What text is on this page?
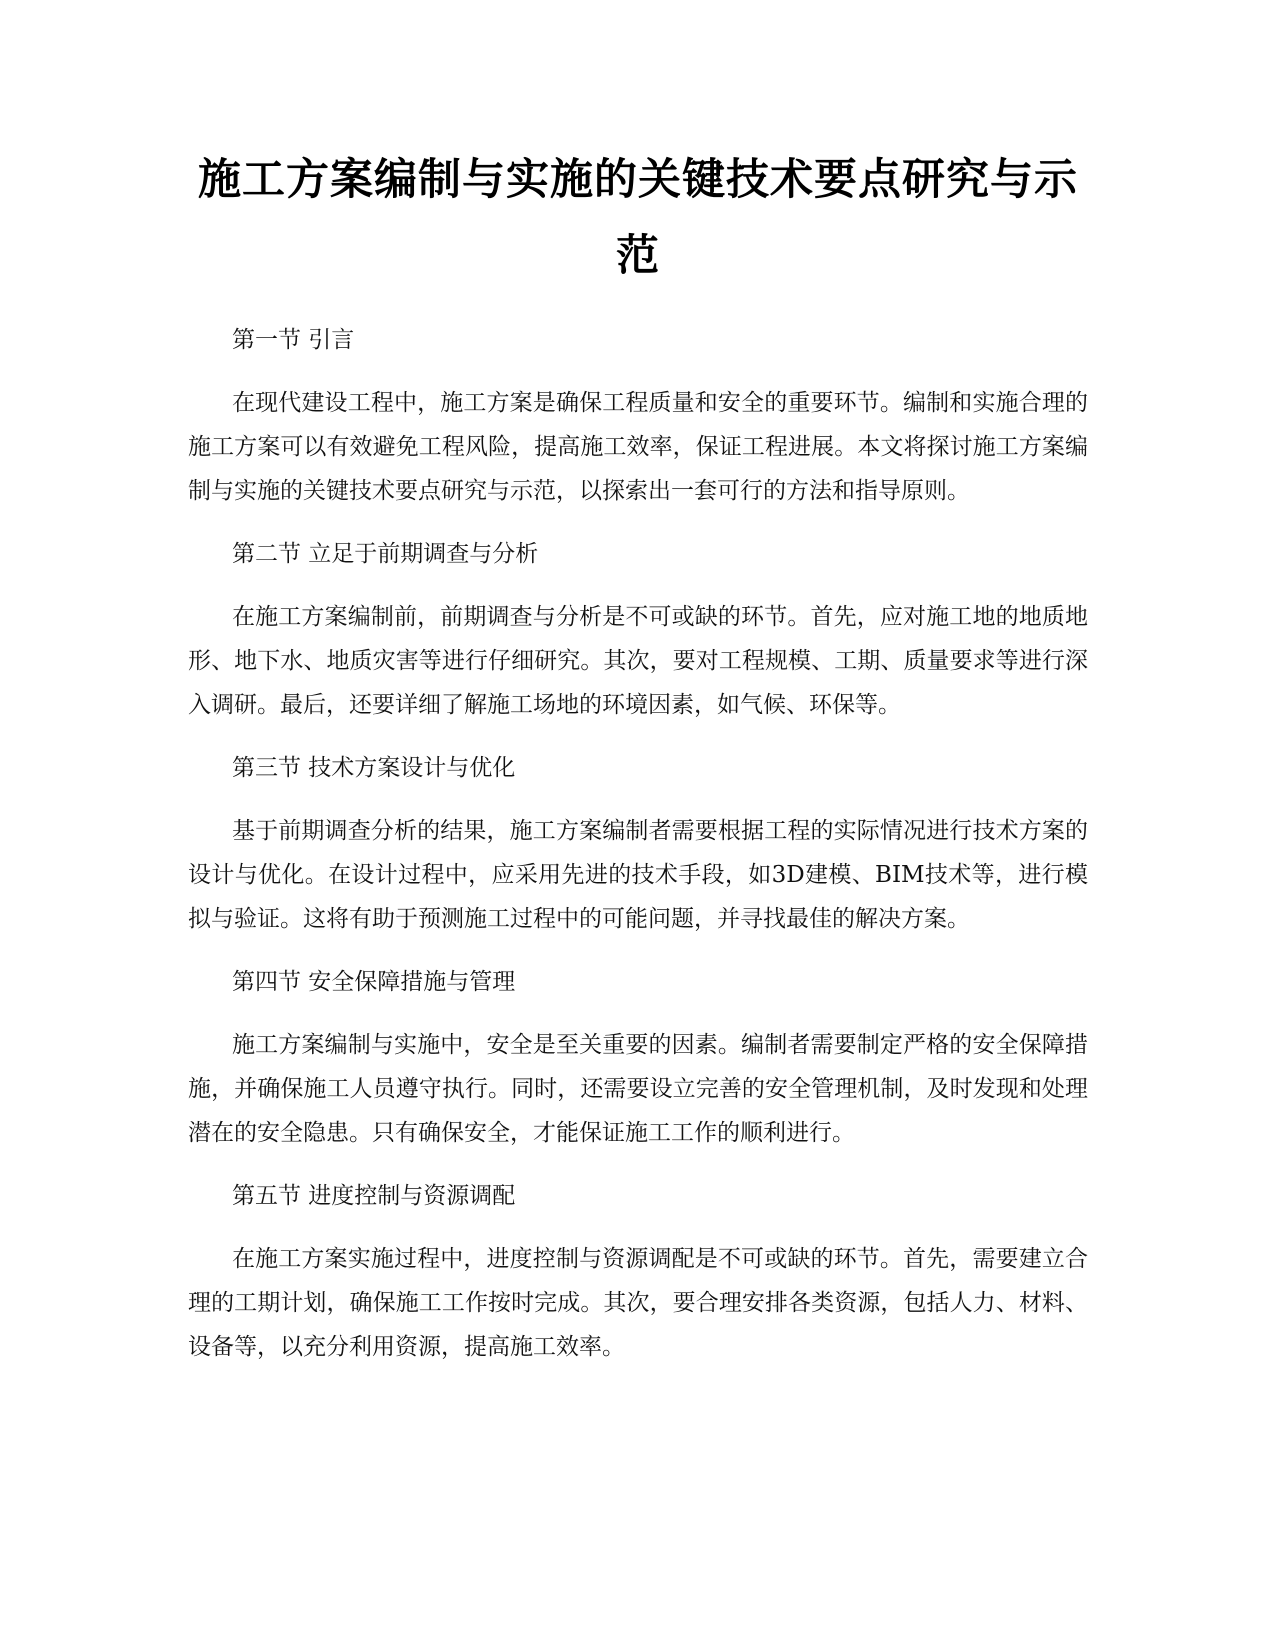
施工方案编制与实施的关键技术要点研究与示范

第一节 引言

在现代建设工程中，施工方案是确保工程质量和安全的重要环节。编制和实施合理的施工方案可以有效避免工程风险，提高施工效率，保证工程进展。本文将探讨施工方案编制与实施的关键技术要点研究与示范，以探索出一套可行的方法和指导原则。

第二节 立足于前期调查与分析

在施工方案编制前，前期调查与分析是不可或缺的环节。首先，应对施工地的地质地形、地下水、地质灾害等进行仔细研究。其次，要对工程规模、工期、质量要求等进行深入调研。最后，还要详细了解施工场地的环境因素，如气候、环保等。

第三节 技术方案设计与优化

基于前期调查分析的结果，施工方案编制者需要根据工程的实际情况进行技术方案的设计与优化。在设计过程中，应采用先进的技术手段，如3D建模、BIM技术等，进行模拟与验证。这将有助于预测施工过程中的可能问题，并寻找最佳的解决方案。

第四节 安全保障措施与管理

施工方案编制与实施中，安全是至关重要的因素。编制者需要制定严格的安全保障措施，并确保施工人员遵守执行。同时，还需要设立完善的安全管理机制，及时发现和处理潜在的安全隐患。只有确保安全，才能保证施工工作的顺利进行。

第五节 进度控制与资源调配

在施工方案实施过程中，进度控制与资源调配是不可或缺的环节。首先，需要建立合理的工期计划，确保施工工作按时完成。其次，要合理安排各类资源，包括人力、材料、设备等，以充分利用资源，提高施工效率。
